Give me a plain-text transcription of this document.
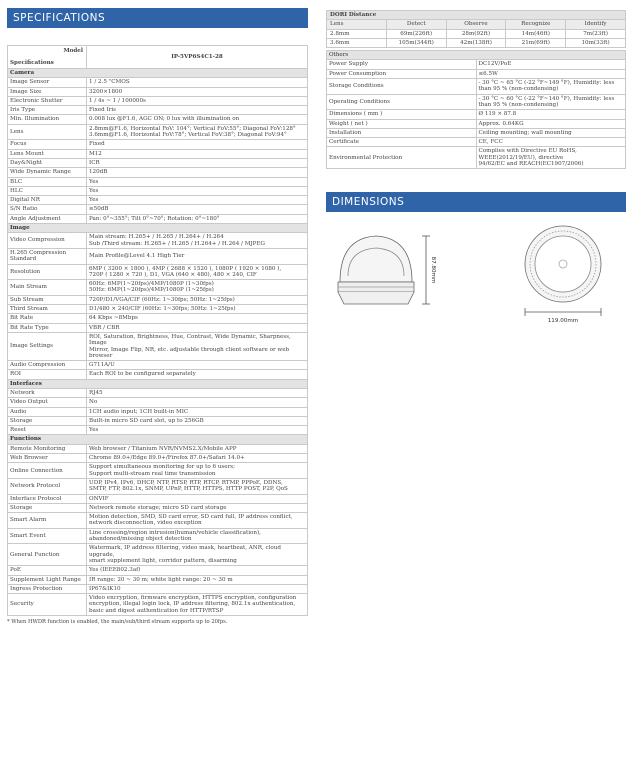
SPECIFICATIONS
Model
Specifications	IP-5VP6S4C1-28
Camera	
Image Sensor	1 / 2.5 "CMOS
Image Size	3200×1800
Electronic Shutter	1 / 4s ~ 1 / 100000s
Iris Type	Fixed Iris
Min. Illumination	0.008 lux @F1.6, AGC ON; 0 lux with illumination on
Lens	2.8mm@F1.6, Horizontal FoV: 104°; Vertical FoV:55°; Diagonal FoV:128°
3.6mm@F1.6, Horizontal FoV:78°; Vertical FoV:38°; Diagonal FoV:94°
Focus	Fixed
Lens Mount	M12
Day&Night	ICR
Wide Dynamic Range	120dB
BLC	Yes
HLC	Yes
Digital NR	Yes
S/N Ratio	≥50dB
Angle Adjustment	Pan: 0°~355°; Tilt 0°~70°; Rotation: 0°~180°
Image	
Video Compression	Main stream: H.265+ / H.265 / H.264+ / H.264
Sub /Third stream: H.265+ / H.265 / H.264+ / H.264 / MJPEG
H.265 Compression Standard	Main Profile@Level 4.1 High Tier
Resolution	6MP ( 3200 × 1800 ), 4MP ( 2688 × 1520 ), 1080P ( 1920 × 1080 ),
720P ( 1280 × 720 ), D1, VGA (640 × 480), 480 × 240, CIF
Main Stream	60Hz: 6MP(1~20fps)/4MP/1080P (1~30fps)
50Hz: 6MP(1~20fps)/4MP/1080P (1~25fps)
Sub Stream	720P/D1/VGA/CIF (60Hz: 1~30fps; 50Hz: 1~25fps)
Third Stream	D1/480 × 240/CIF (60Hz: 1~30fps; 50Hz: 1~25fps)
Bit Rate	64 Kbps ~8Mbps
Bit Rate Type	VBR / CBR
Image Settings	ROI, Saturation, Brightness, Hue, Contrast, Wide Dynamic, Sharpness, Image
Mirror, Image Flip, NR, etc. adjustable through client software or web browser
Audio Compression	G711A/U
ROI	Each ROI to be configured separately
Interfaces	
Network	RJ45
Video Output	No
Audio	1CH audio input; 1CH built-in MIC
Storage	Built-in micro SD card slot, up to 256GB
Reset	Yes
Functions	
Remote Monitoring	Web browser / Titanium NVR/NVMS2.X/Mobile APP
Web Browser	Chrome 89.0+/Edge 89.0+/Firefox 87.0+/Safari 14.0+
Online Connection	Support simultaneous monitoring for up to 6 users;
Support multi-stream real time transmission
Network Protocol	UDP, IPv4, IPv6, DHCP, NTP, RTSP, RTP, RTCP, RTMP, PPPoE, DDNS,
SMTP, FTP, 802.1x, SNMP, UPnP, HTTP, HTTPS, HTTP POST, P2P, QoS
Interface Protocol	ONVIF
Storage	Network remote storage; micro SD card storage
Smart Alarm	Motion detection, SMD, SD card error, SD card full, IP address conflict,
network disconnection, video exception
Smart Event	Line crossing/region intrusion(human/vehicle classification),
abandoned/missing object detection
General Function	Watermark, IP address filtering, video mask, heartbeat, ANR, cloud upgrade,
smart supplement light, corridor pattern, disarming
PoE	Yes (IEEE802.3af)
Supplement Light Range	IR range: 20 ~ 30 m; white light range: 20 ~ 30 m
Ingress Protection	IP67&IK10
Security	Video encryption, firmware encryption, HTTPS encryption, configuration
encryption, illegal login lock, IP address filtering, 802.1x authentication,
basic and digest authentication for HTTP/RTSP
* When HWDR function is enabled, the main/sub/third stream supports up to 20fps.
DORI Distance				
Lens	Detect	Observe	Recognize	Identify
2.8mm	69m(226ft)	28m(92ft)	14m(46ft)	7m(23ft)
3.6mm	105m(344ft)	42m(138ft)	21m(69ft)	10m(33ft)
Others	
Power Supply	DC12V/PoE
Power Consumption	≤6.5W
Storage Conditions	- 30 °C ~ 65 °C (-22 °F~149 °F), Humidity: less than 95 % (non-condensing)
Operating Conditions	- 30 °C ~ 60 °C (-22 °F~140 °F), Humidity: less than 95 % (non-condensing)
Dimensions ( mm )	Ø 119 × 87.8
Weight ( net )	Approx. 0.64KG
Installation	Ceiling mounting; wall mounting
Certificate	CE, FCC
Environmental Protection	Complies with Directive EU RoHS, WEEE(2012/19/EU), directive
94/62/EC and REACH(EC1907/2006)
DIMENSIONS
87.80mm
119.00mm
